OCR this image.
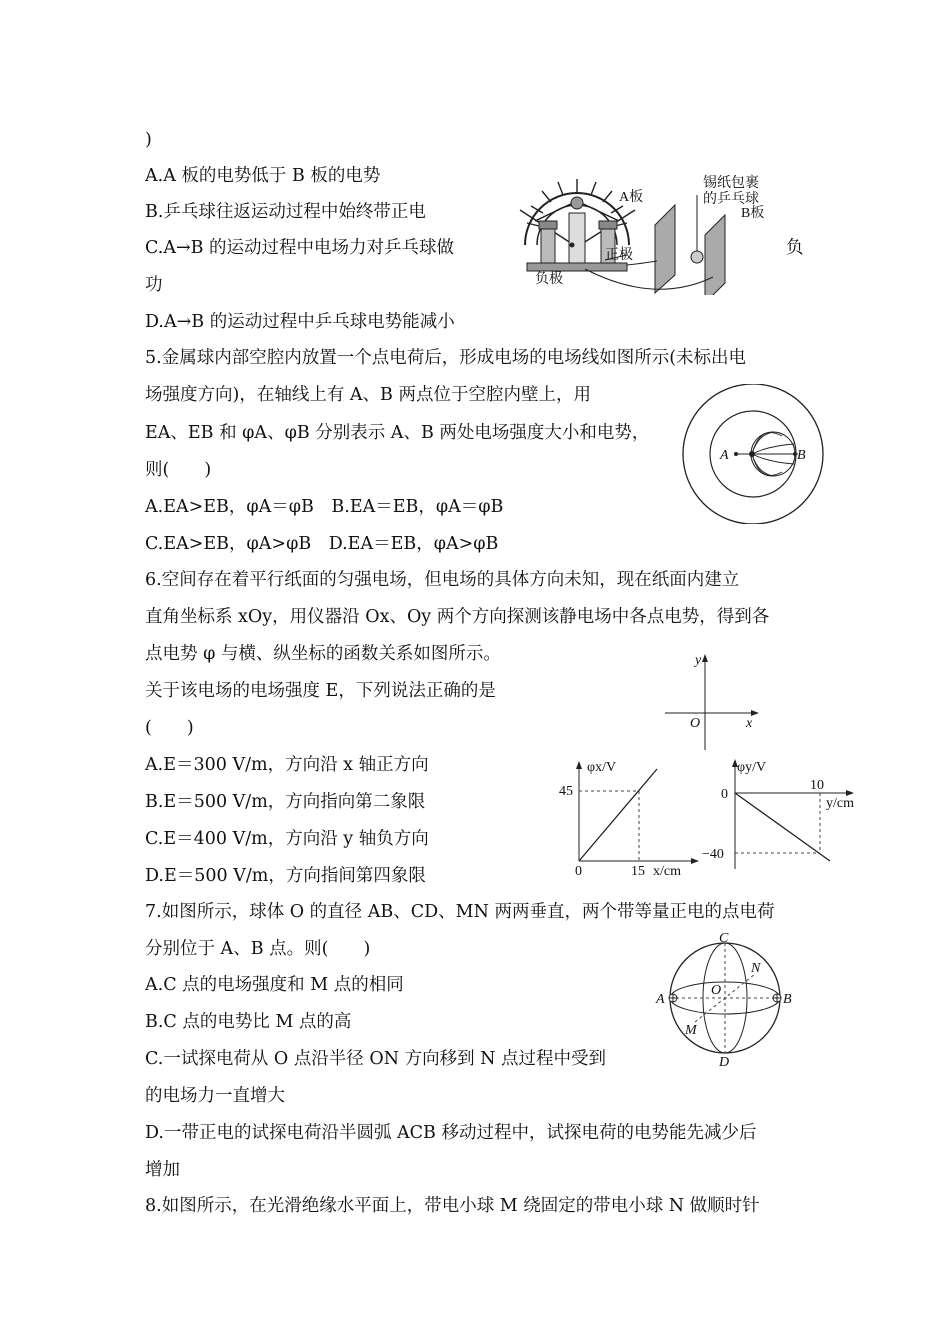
)
A.A 板的电势低于 B 板的电势
B.乒乓球往返运动过程中始终带正电
C.A→B 的运动过程中电场力对乒乓球做	负
功
D.A→B 的运动过程中乒乓球电势能减小
A板
锡纸包裹
的乒乓球
B板
正极
负极
5.金属球内部空腔内放置一个点电荷后，形成电场的电场线如图所示(未标出电
场强度方向)，在轴线上有 A、B 两点位于空腔内壁上，用
EA、EB 和 φA、φB 分别表示 A、B 两处电场强度大小和电势，
则(　　)
A.EA>EB，φA＝φB　B.EA＝EB，φA＝φB
C.EA>EB，φA>φB　D.EA＝EB，φA>φB
A	B
6.空间存在着平行纸面的匀强电场，但电场的具体方向未知，现在纸面内建立
直角坐标系 xOy，用仪器沿 Ox、Oy 两个方向探测该静电场中各点电势，得到各
点电势 φ 与横、纵坐标的函数关系如图所示。
关于该电场的电场强度 E，下列说法正确的是
(　　)
A.E＝300 V/m，方向沿 x 轴正方向
B.E＝500 V/m，方向指向第二象限
C.E＝400 V/m，方向沿 y 轴负方向
D.E＝500 V/m，方向指间第四象限
y
x
O
φx/V
45
0	15 x/cm
φy/V
0
10
y/cm
−40
7.如图所示，球体 O 的直径 AB、CD、MN 两两垂直，两个带等量正电的点电荷
分别位于 A、B 点。则(　　)
A.C 点的电场强度和 M 点的相同
B.C 点的电势比 M 点的高
C.一试探电荷从 O 点沿半径 ON 方向移到 N 点过程中受到
的电场力一直增大
D.一带正电的试探电荷沿半圆弧 ACB 移动过程中，试探电荷的电势能先减少后
增加
C
N
A
O
B
M
D
8.如图所示，在光滑绝缘水平面上，带电小球 M 绕固定的带电小球 N 做顺时针
